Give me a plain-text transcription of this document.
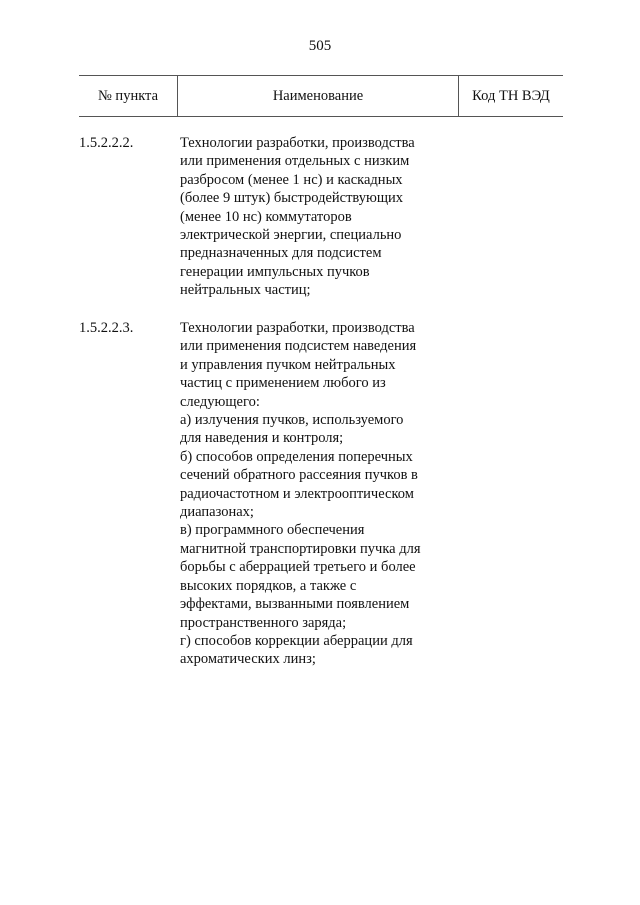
505
№ пункта	Наименование	Код ТН ВЭД
1.5.2.2.2.	Технологии разработки, производства
или применения отдельных с низким
разбросом (менее 1 нс) и каскадных
(более 9 штук) быстродействующих
(менее 10 нс) коммутаторов
электрической энергии, специально
предназначенных для подсистем
генерации импульсных пучков
нейтральных частиц;
1.5.2.2.3.	Технологии разработки, производства
или применения подсистем наведения
и управления пучком нейтральных
частиц с применением любого из
следующего:
а) излучения пучков, используемого
для наведения и контроля;
б) способов определения поперечных
сечений обратного рассеяния пучков в
радиочастотном и электрооптическом
диапазонах;
в) программного обеспечения
магнитной транспортировки пучка для
борьбы с аберрацией третьего и более
высоких порядков, а также с
эффектами, вызванными появлением
пространственного заряда;
г) способов коррекции аберрации для
ахроматических линз;
